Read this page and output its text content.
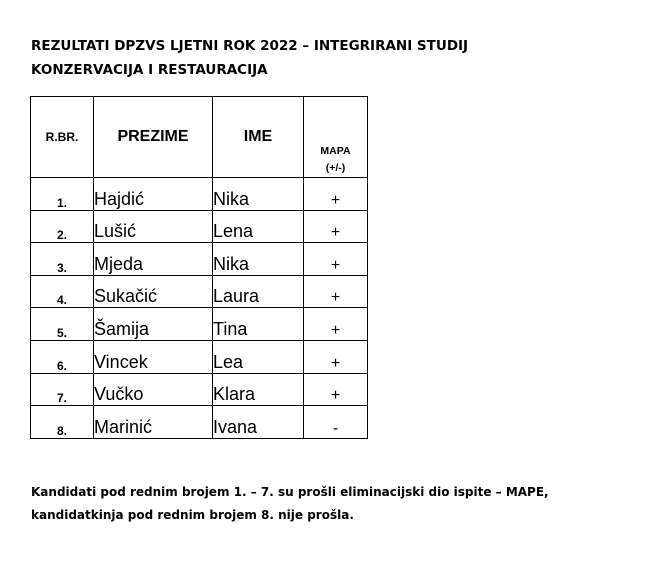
REZULTATI DPZVS LJETNI ROK 2022 – INTEGRIRANI STUDIJ
KONZERVACIJA I RESTAURACIJA
R.BR.	PREZIME	IME	MAPA
(+/-)

1.	Hajdić	Nika	+
2.	Lušić	Lena	+
3.	Mjeda	Nika	+
4.	Sukačić	Laura	+
5.	Šamija	Tina	+
6.	Vincek	Lea	+
7.	Vučko	Klara	+
8.	Marinić	Ivana	-
Kandidati pod rednim brojem 1. – 7. su prošli eliminacijski dio ispite – MAPE,
kandidatkinja pod rednim brojem 8. nije prošla.
